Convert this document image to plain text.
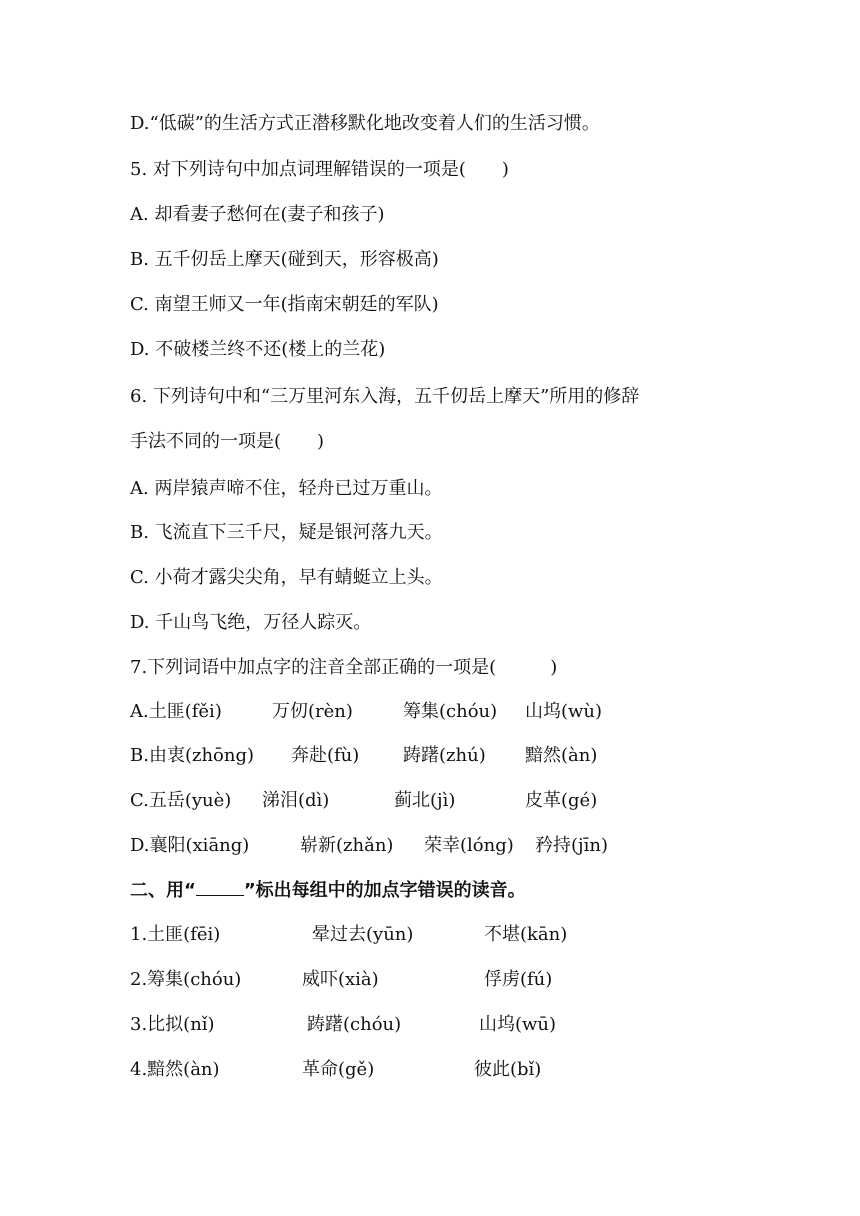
D.“低碳”的生活方式正潜移默化地改变着人们的生活习惯。
5. 对下列诗句中加点词理解错误的一项是(　　)
A. 却看妻子愁何在(妻子和孩子)
B. 五千仞岳上摩天(碰到天，形容极高)
C. 南望王师又一年(指南宋朝廷的军队)
D. 不破楼兰终不还(楼上的兰花)
6. 下列诗句中和“三万里河东入海，五千仞岳上摩天”所用的修辞
手法不同的一项是(　　)
A. 两岸猿声啼不住，轻舟已过万重山。
B. 飞流直下三千尺，疑是银河落九天。
C. 小荷才露尖尖角，早有蜻蜓立上头。
D. 千山鸟飞绝，万径人踪灭。
7.下列词语中加点字的注音全部正确的一项是(　　　)
A.土匪(fěi)	万仞(rèn)	筹集(chóu) 山坞(wù)
B.由衷(zhōng) 奔赴(fù) 踌躇(zhú) 黯然(àn)
C.五岳(yuè) 涕泪(dì)	蓟北(jì)	皮革(gé)
D.襄阳(xiāng)	崭新(zhǎn) 荣幸(lóng) 矜持(jīn)
二、用“	”标出每组中的加点字错误的读音。
1.土匪(fēi)	晕过去(yūn)	不堪(kān)
2.筹集(chóu)	威吓(xià)	俘虏(fú)
3.比拟(nǐ)	踌躇(chóu)	山坞(wū)
4.黯然(àn)	革命(gě)	彼此(bǐ)
